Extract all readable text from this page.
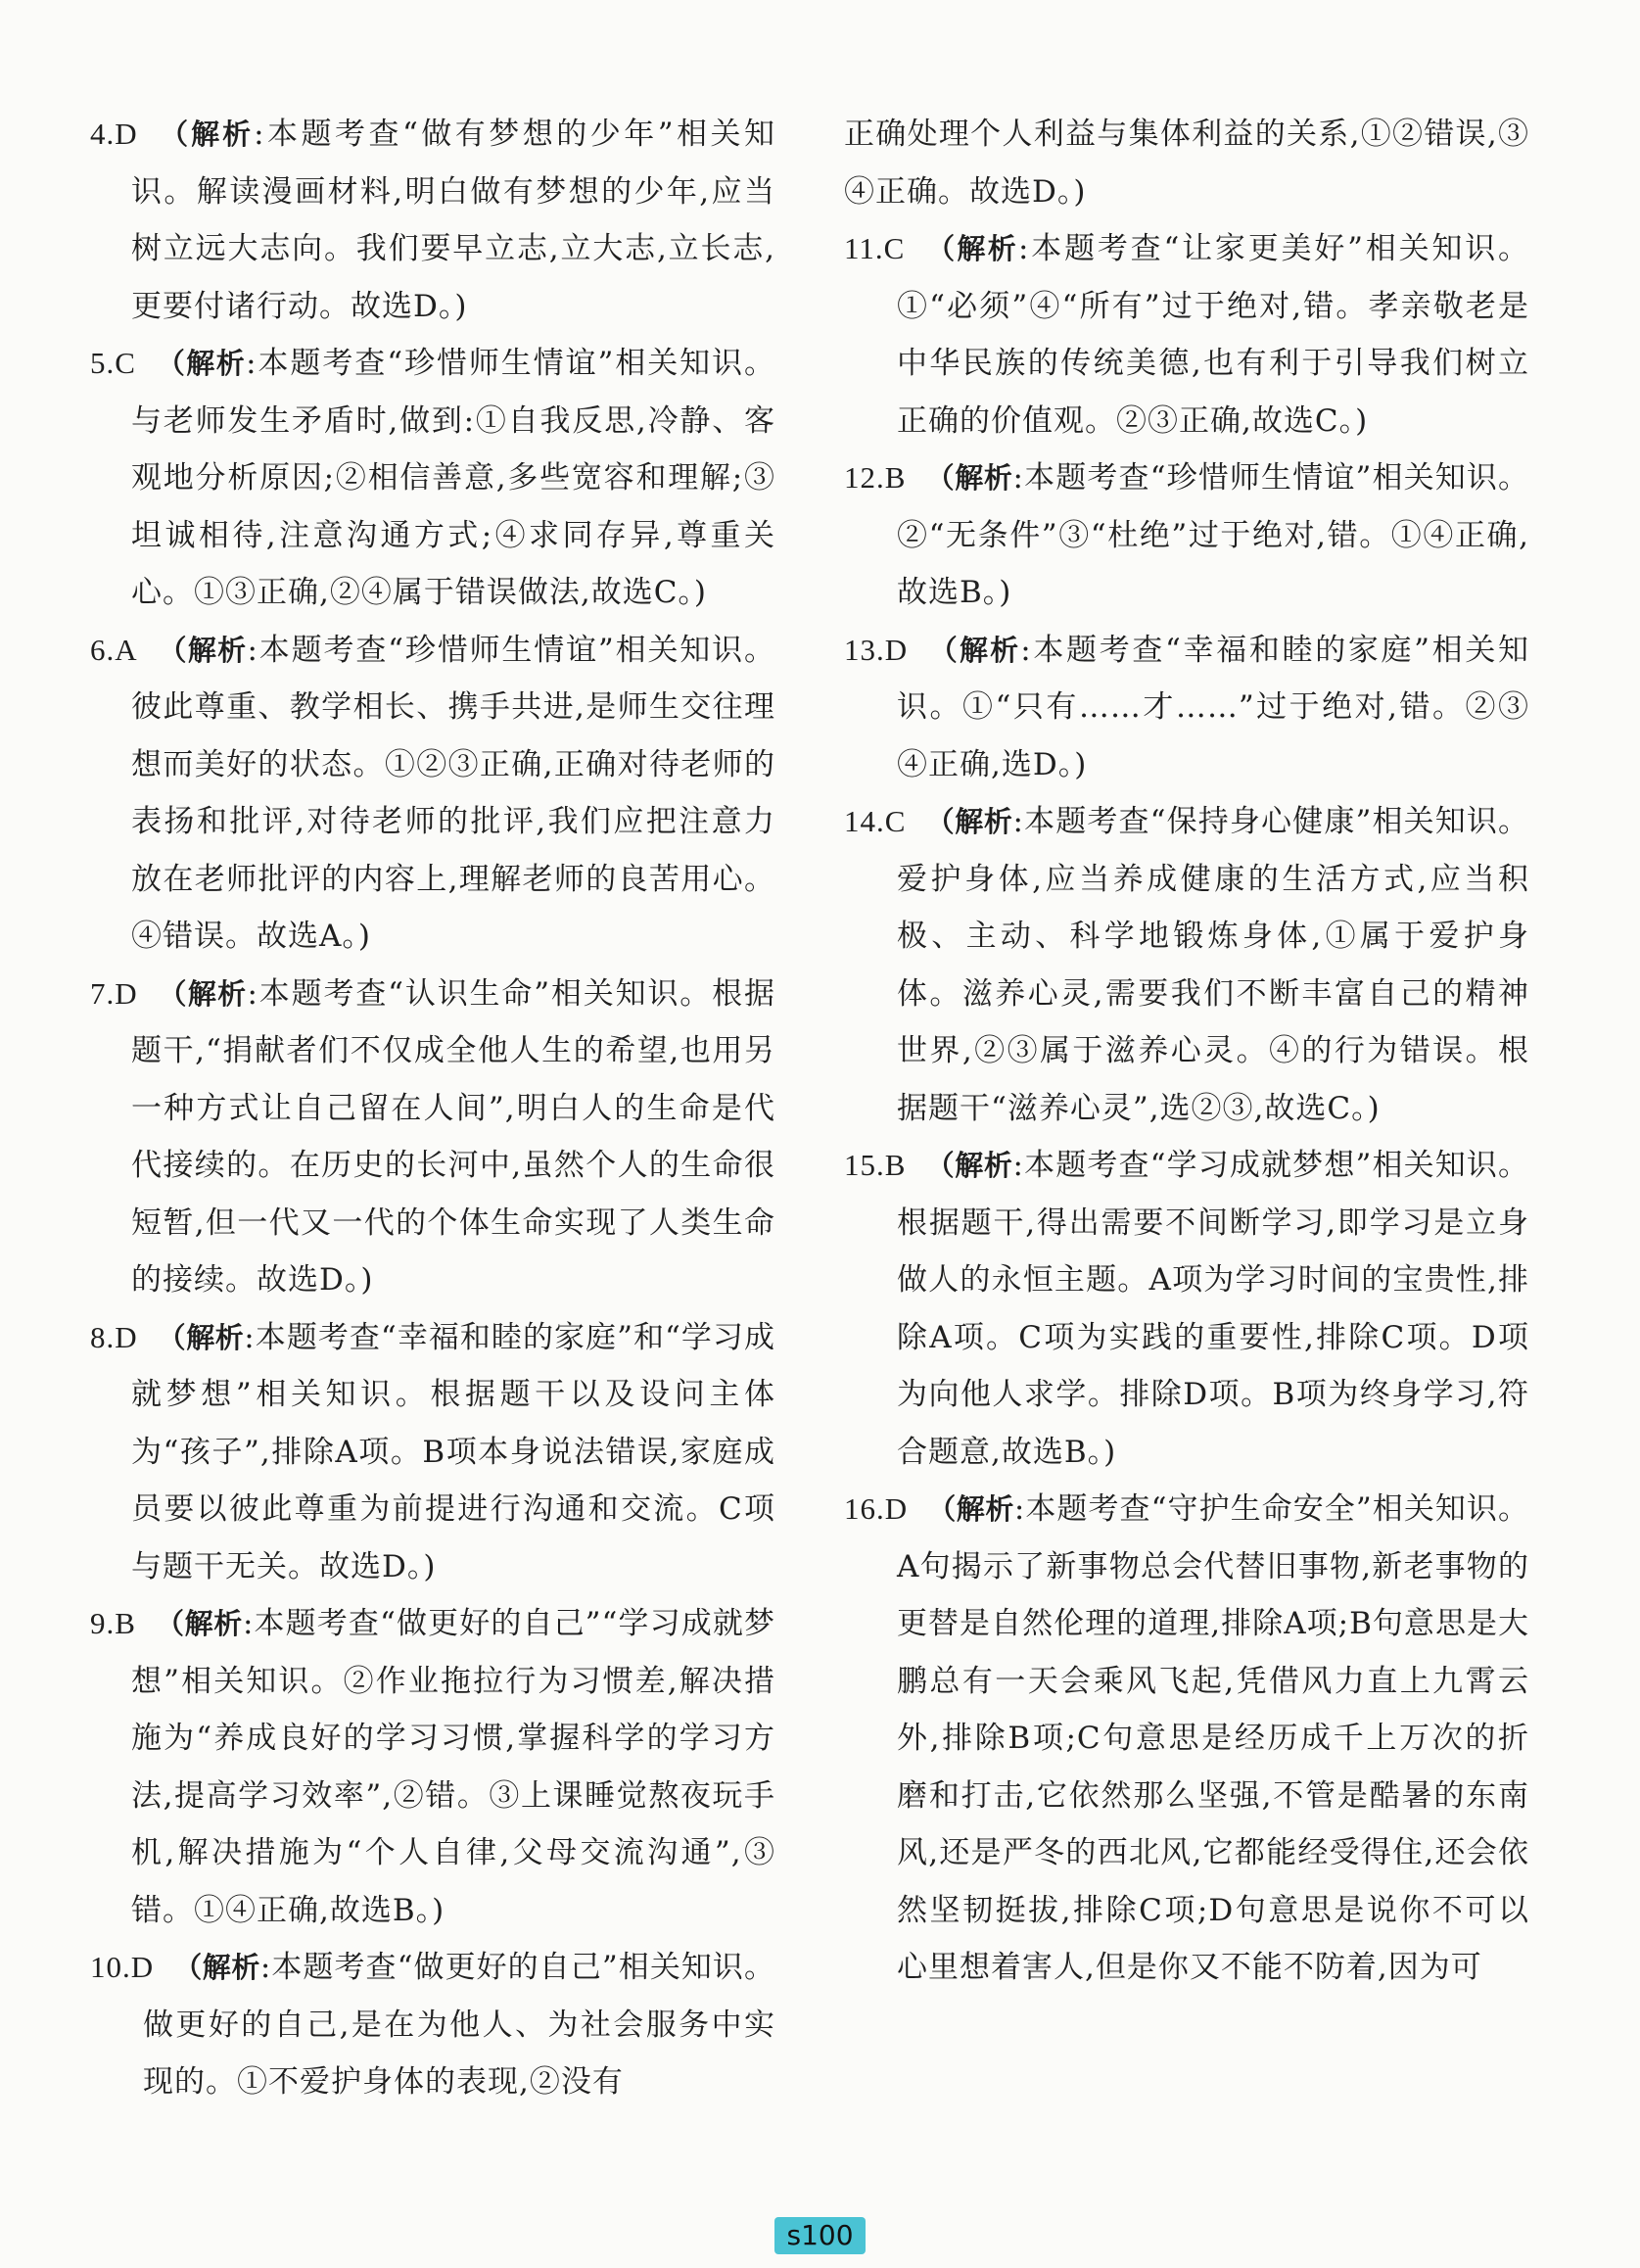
4.D （解析:本题考查“做有梦想的少年”相关知识。解读漫画材料,明白做有梦想的少年,应当树立远大志向。我们要早立志,立大志,立长志,更要付诸行动。故选D。)

5.C （解析:本题考查“珍惜师生情谊”相关知识。与老师发生矛盾时,做到:①自我反思,冷静、客观地分析原因;②相信善意,多些宽容和理解;③坦诚相待,注意沟通方式;④求同存异,尊重关心。①③正确,②④属于错误做法,故选C。)

6.A （解析:本题考查“珍惜师生情谊”相关知识。彼此尊重、教学相长、携手共进,是师生交往理想而美好的状态。①②③正确,正确对待老师的表扬和批评,对待老师的批评,我们应把注意力放在老师批评的内容上,理解老师的良苦用心。④错误。故选A。)

7.D （解析:本题考查“认识生命”相关知识。根据题干,“捐献者们不仅成全他人生的希望,也用另一种方式让自己留在人间”,明白人的生命是代代接续的。在历史的长河中,虽然个人的生命很短暂,但一代又一代的个体生命实现了人类生命的接续。故选D。)

8.D （解析:本题考查“幸福和睦的家庭”和“学习成就梦想”相关知识。根据题干以及设问主体为“孩子”,排除A项。B项本身说法错误,家庭成员要以彼此尊重为前提进行沟通和交流。C项与题干无关。故选D。)

9.B （解析:本题考查“做更好的自己”“学习成就梦想”相关知识。②作业拖拉行为习惯差,解决措施为“养成良好的学习习惯,掌握科学的学习方法,提高学习效率”,②错。③上课睡觉熬夜玩手机,解决措施为“个人自律,父母交流沟通”,③错。①④正确,故选B。)

10.D （解析:本题考查“做更好的自己”相关知识。做更好的自己,是在为他人、为社会服务中实现的。①不爱护身体的表现,②没有

正确处理个人利益与集体利益的关系,①②错误,③④正确。故选D。)

11.C （解析:本题考查“让家更美好”相关知识。①“必须”④“所有”过于绝对,错。孝亲敬老是中华民族的传统美德,也有利于引导我们树立正确的价值观。②③正确,故选C。)

12.B （解析:本题考查“珍惜师生情谊”相关知识。②“无条件”③“杜绝”过于绝对,错。①④正确,故选B。)

13.D （解析:本题考查“幸福和睦的家庭”相关知识。①“只有……才……”过于绝对,错。②③④正确,选D。)

14.C （解析:本题考查“保持身心健康”相关知识。爱护身体,应当养成健康的生活方式,应当积极、主动、科学地锻炼身体,①属于爱护身体。滋养心灵,需要我们不断丰富自己的精神世界,②③属于滋养心灵。④的行为错误。根据题干“滋养心灵”,选②③,故选C。)

15.B （解析:本题考查“学习成就梦想”相关知识。根据题干,得出需要不间断学习,即学习是立身做人的永恒主题。A项为学习时间的宝贵性,排除A项。C项为实践的重要性,排除C项。D项为向他人求学。排除D项。B项为终身学习,符合题意,故选B。)

16.D （解析:本题考查“守护生命安全”相关知识。A句揭示了新事物总会代替旧事物,新老事物的更替是自然伦理的道理,排除A项;B句意思是大鹏总有一天会乘风飞起,凭借风力直上九霄云外,排除B项;C句意思是经历成千上万次的折磨和打击,它依然那么坚强,不管是酷暑的东南风,还是严冬的西北风,它都能经受得住,还会依然坚韧挺拔,排除C项;D句意思是说你不可以心里想着害人,但是你又不能不防着,因为可

s100
